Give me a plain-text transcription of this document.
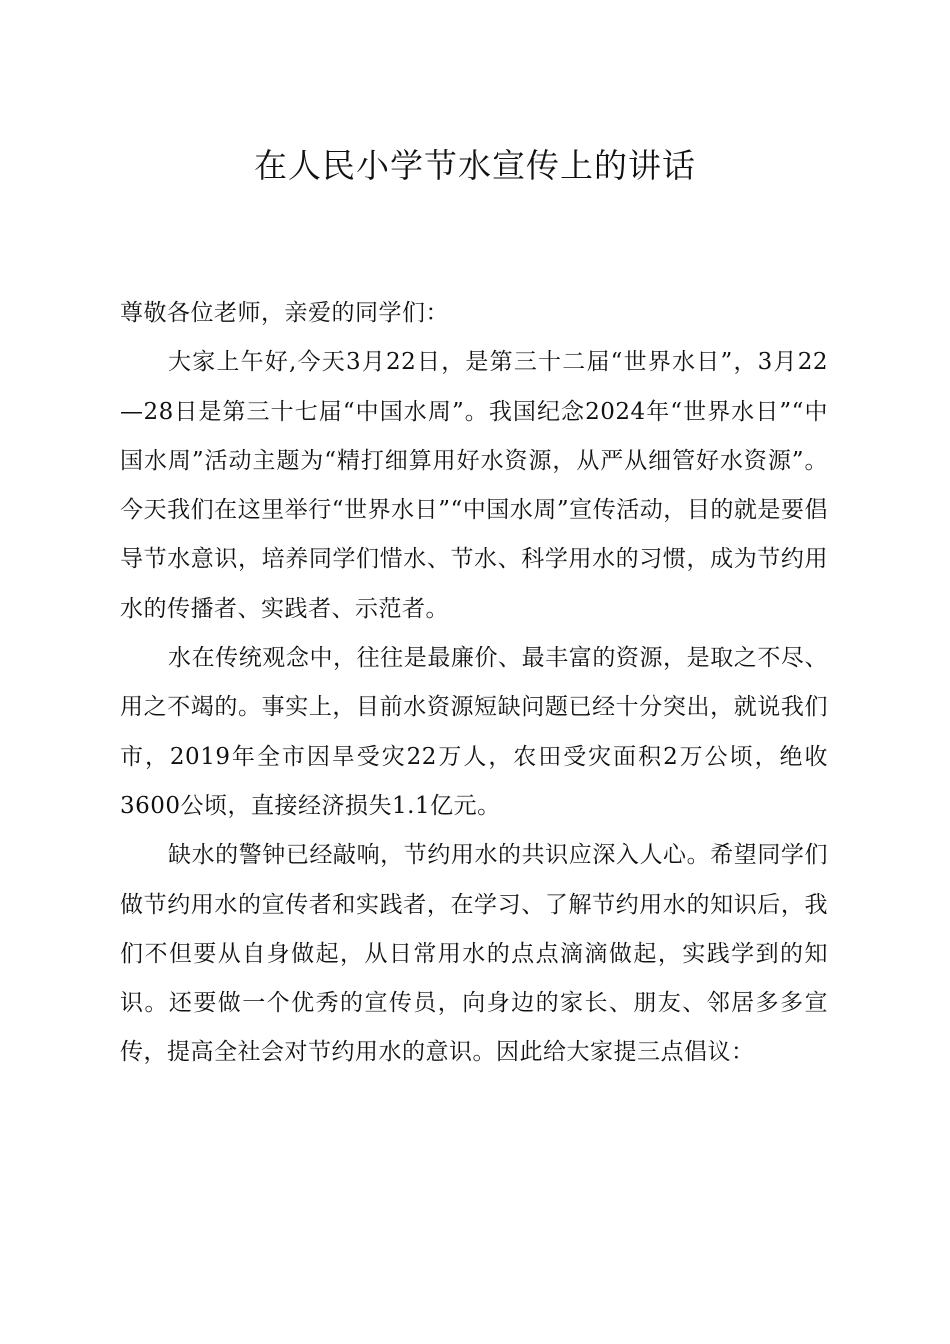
在人民小学节水宣传上的讲话

尊敬各位老师，亲爱的同学们：

大家上午好,今天3月22日，是第三十二届“世界水日”，3月22—28日是第三十七届“中国水周”。我国纪念2024年“世界水日”“中国水周”活动主题为“精打细算用好水资源，从严从细管好水资源”。今天我们在这里举行“世界水日”“中国水周”宣传活动，目的就是要倡导节水意识，培养同学们惜水、节水、科学用水的习惯，成为节约用水的传播者、实践者、示范者。

水在传统观念中，往往是最廉价、最丰富的资源，是取之不尽、用之不竭的。事实上，目前水资源短缺问题已经十分突出，就说我们市，2019年全市因旱受灾22万人，农田受灾面积2万公顷，绝收3600公顷，直接经济损失1.1亿元。

缺水的警钟已经敲响，节约用水的共识应深入人心。希望同学们做节约用水的宣传者和实践者，在学习、了解节约用水的知识后，我们不但要从自身做起，从日常用水的点点滴滴做起，实践学到的知识。还要做一个优秀的宣传员，向身边的家长、朋友、邻居多多宣传，提高全社会对节约用水的意识。因此给大家提三点倡议：
